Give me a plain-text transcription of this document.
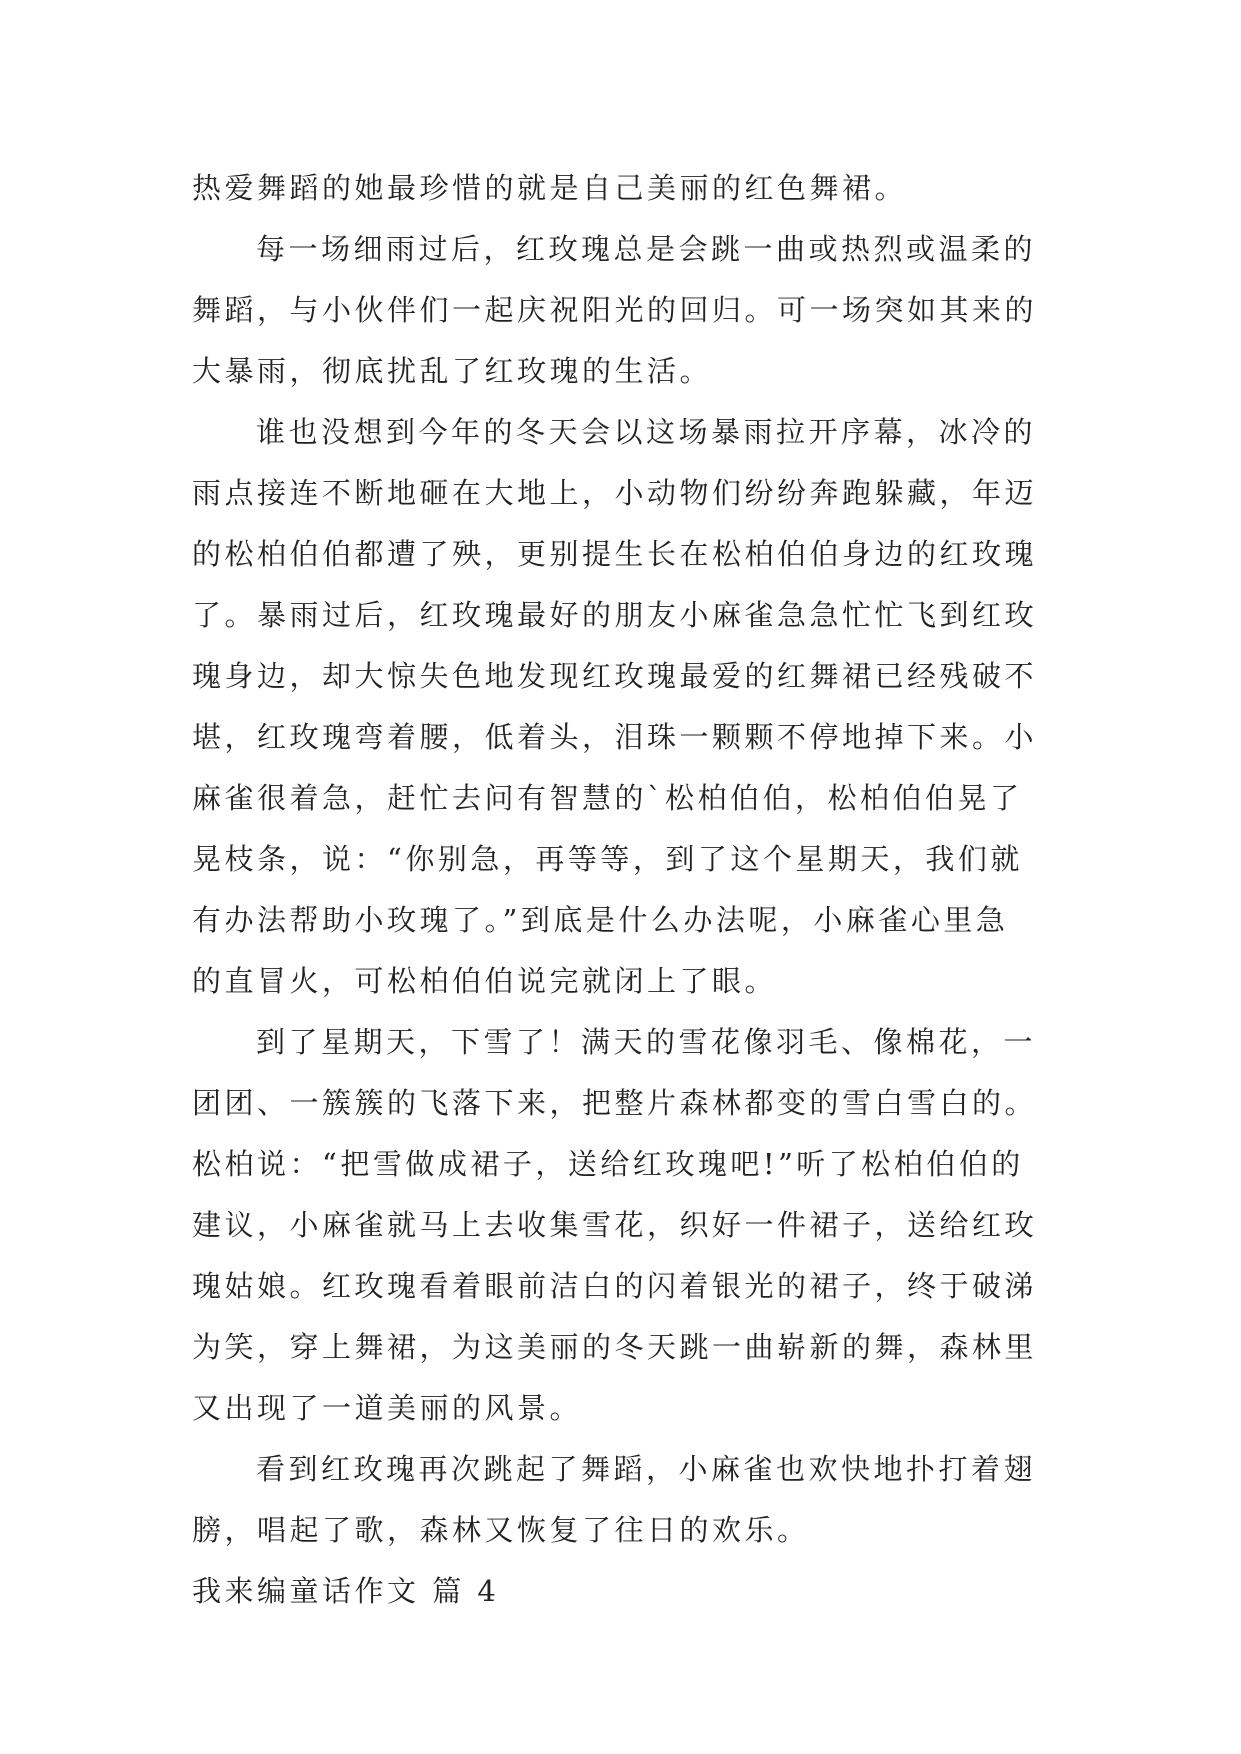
热爱舞蹈的她最珍惜的就是自己美丽的红色舞裙。
每一场细雨过后，红玫瑰总是会跳一曲或热烈或温柔的
舞蹈，与小伙伴们一起庆祝阳光的回归。可一场突如其来的
大暴雨，彻底扰乱了红玫瑰的生活。
谁也没想到今年的冬天会以这场暴雨拉开序幕，冰冷的
雨点接连不断地砸在大地上，小动物们纷纷奔跑躲藏，年迈
的松柏伯伯都遭了殃，更别提生长在松柏伯伯身边的红玫瑰
了。暴雨过后，红玫瑰最好的朋友小麻雀急急忙忙飞到红玫
瑰身边，却大惊失色地发现红玫瑰最爱的红舞裙已经残破不
堪，红玫瑰弯着腰，低着头，泪珠一颗颗不停地掉下来。小
麻雀很着急，赶忙去问有智慧的`松柏伯伯，松柏伯伯晃了
晃枝条，说：“你别急，再等等，到了这个星期天，我们就
有办法帮助小玫瑰了。”到底是什么办法呢，小麻雀心里急
的直冒火，可松柏伯伯说完就闭上了眼。
到了星期天，下雪了！满天的雪花像羽毛、像棉花，一
团团、一簇簇的飞落下来，把整片森林都变的雪白雪白的。
松柏说：“把雪做成裙子，送给红玫瑰吧!”听了松柏伯伯的
建议，小麻雀就马上去收集雪花，织好一件裙子，送给红玫
瑰姑娘。红玫瑰看着眼前洁白的闪着银光的裙子，终于破涕
为笑，穿上舞裙，为这美丽的冬天跳一曲崭新的舞，森林里
又出现了一道美丽的风景。
看到红玫瑰再次跳起了舞蹈，小麻雀也欢快地扑打着翅
膀，唱起了歌，森林又恢复了往日的欢乐。
我来编童话作文 篇 4
